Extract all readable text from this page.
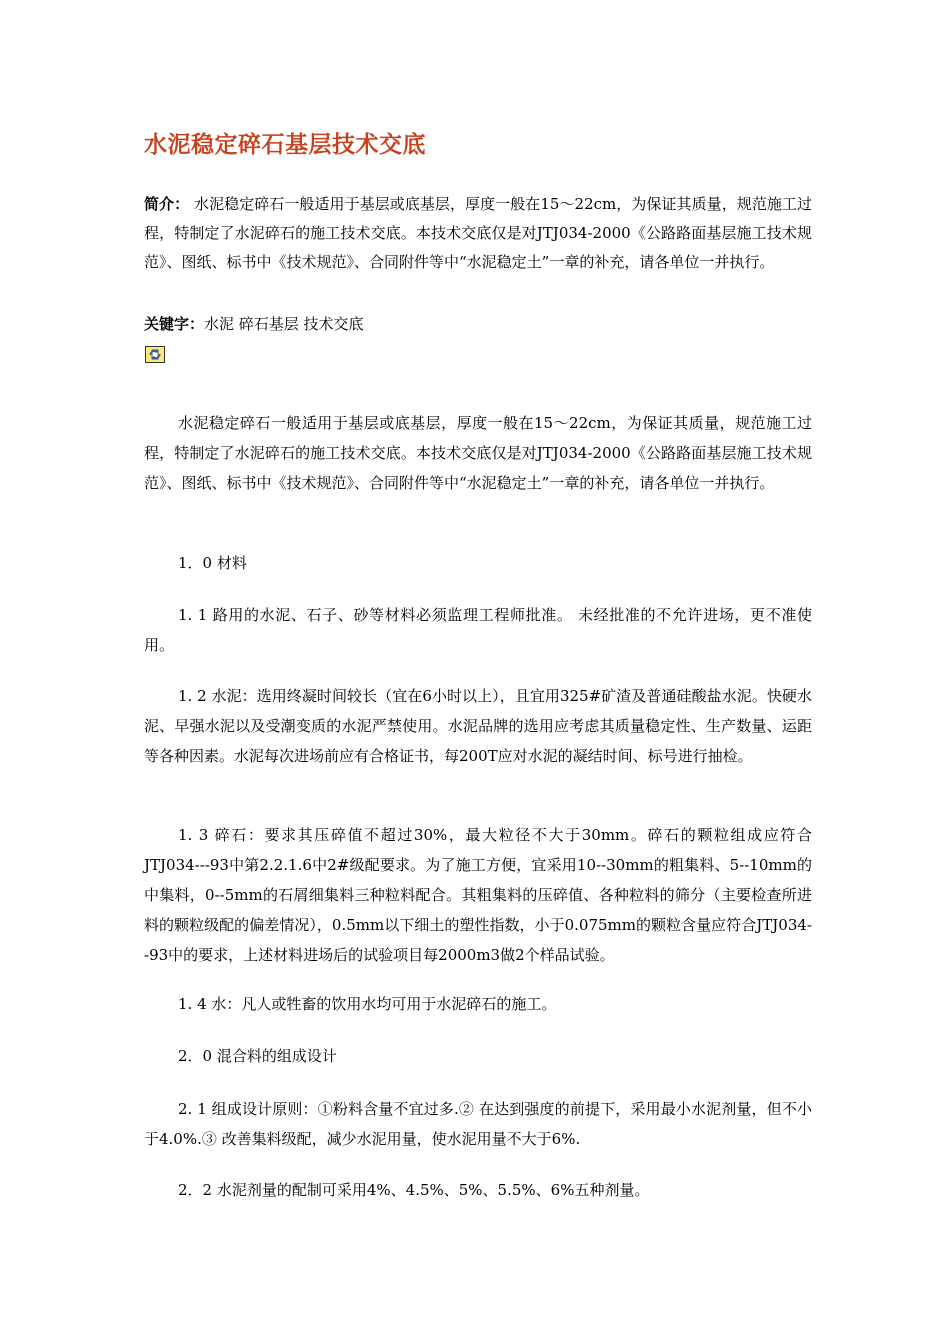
水泥稳定碎石基层技术交底

简介： 水泥稳定碎石一般适用于基层或底基层，厚度一般在15～22cm，为保证其质量，规范施工过程，特制定了水泥碎石的施工技术交底。本技术交底仅是对JTJ034-2000《公路路面基层施工技术规范》、图纸、标书中《技术规范》、合同附件等中“水泥稳定土”一章的补充，请各单位一并执行。

关键字：水泥 碎石基层 技术交底

水泥稳定碎石一般适用于基层或底基层，厚度一般在15～22cm，为保证其质量，规范施工过程，特制定了水泥碎石的施工技术交底。本技术交底仅是对JTJ034-2000《公路路面基层施工技术规范》、图纸、标书中《技术规范》、合同附件等中“水泥稳定土”一章的补充，请各单位一并执行。

1．0 材料

1. 1 路用的水泥、石子、砂等材料必须监理工程师批准。 未经批准的不允许进场，更不准使用。

1. 2 水泥：选用终凝时间较长（宜在6小时以上），且宜用325#矿渣及普通硅酸盐水泥。快硬水泥、早强水泥以及受潮变质的水泥严禁使用。水泥品牌的选用应考虑其质量稳定性、生产数量、运距等各种因素。水泥每次进场前应有合格证书，每200T应对水泥的凝结时间、标号进行抽检。

1. 3 碎石：要求其压碎值不超过30%，最大粒径不大于30mm。碎石的颗粒组成应符合JTJ034---93中第2.2.1.6中2#级配要求。为了施工方便，宜采用10--30mm的粗集料、5--10mm的中集料，0--5mm的石屑细集料三种粒料配合。其粗集料的压碎值、各种粒料的筛分（主要检查所进料的颗粒级配的偏差情况），0.5mm以下细土的塑性指数，小于0.075mm的颗粒含量应符合JTJ034--93中的要求，上述材料进场后的试验项目每2000m3做2个样品试验。

1. 4 水：凡人或牲畜的饮用水均可用于水泥碎石的施工。

2．0 混合料的组成设计

2. 1 组成设计原则：①粉料含量不宜过多.② 在达到强度的前提下，采用最小水泥剂量，但不小于4.0%.③ 改善集料级配，减少水泥用量，使水泥用量不大于6%.

2．2 水泥剂量的配制可采用4%、4.5%、5%、5.5%、6%五种剂量。
